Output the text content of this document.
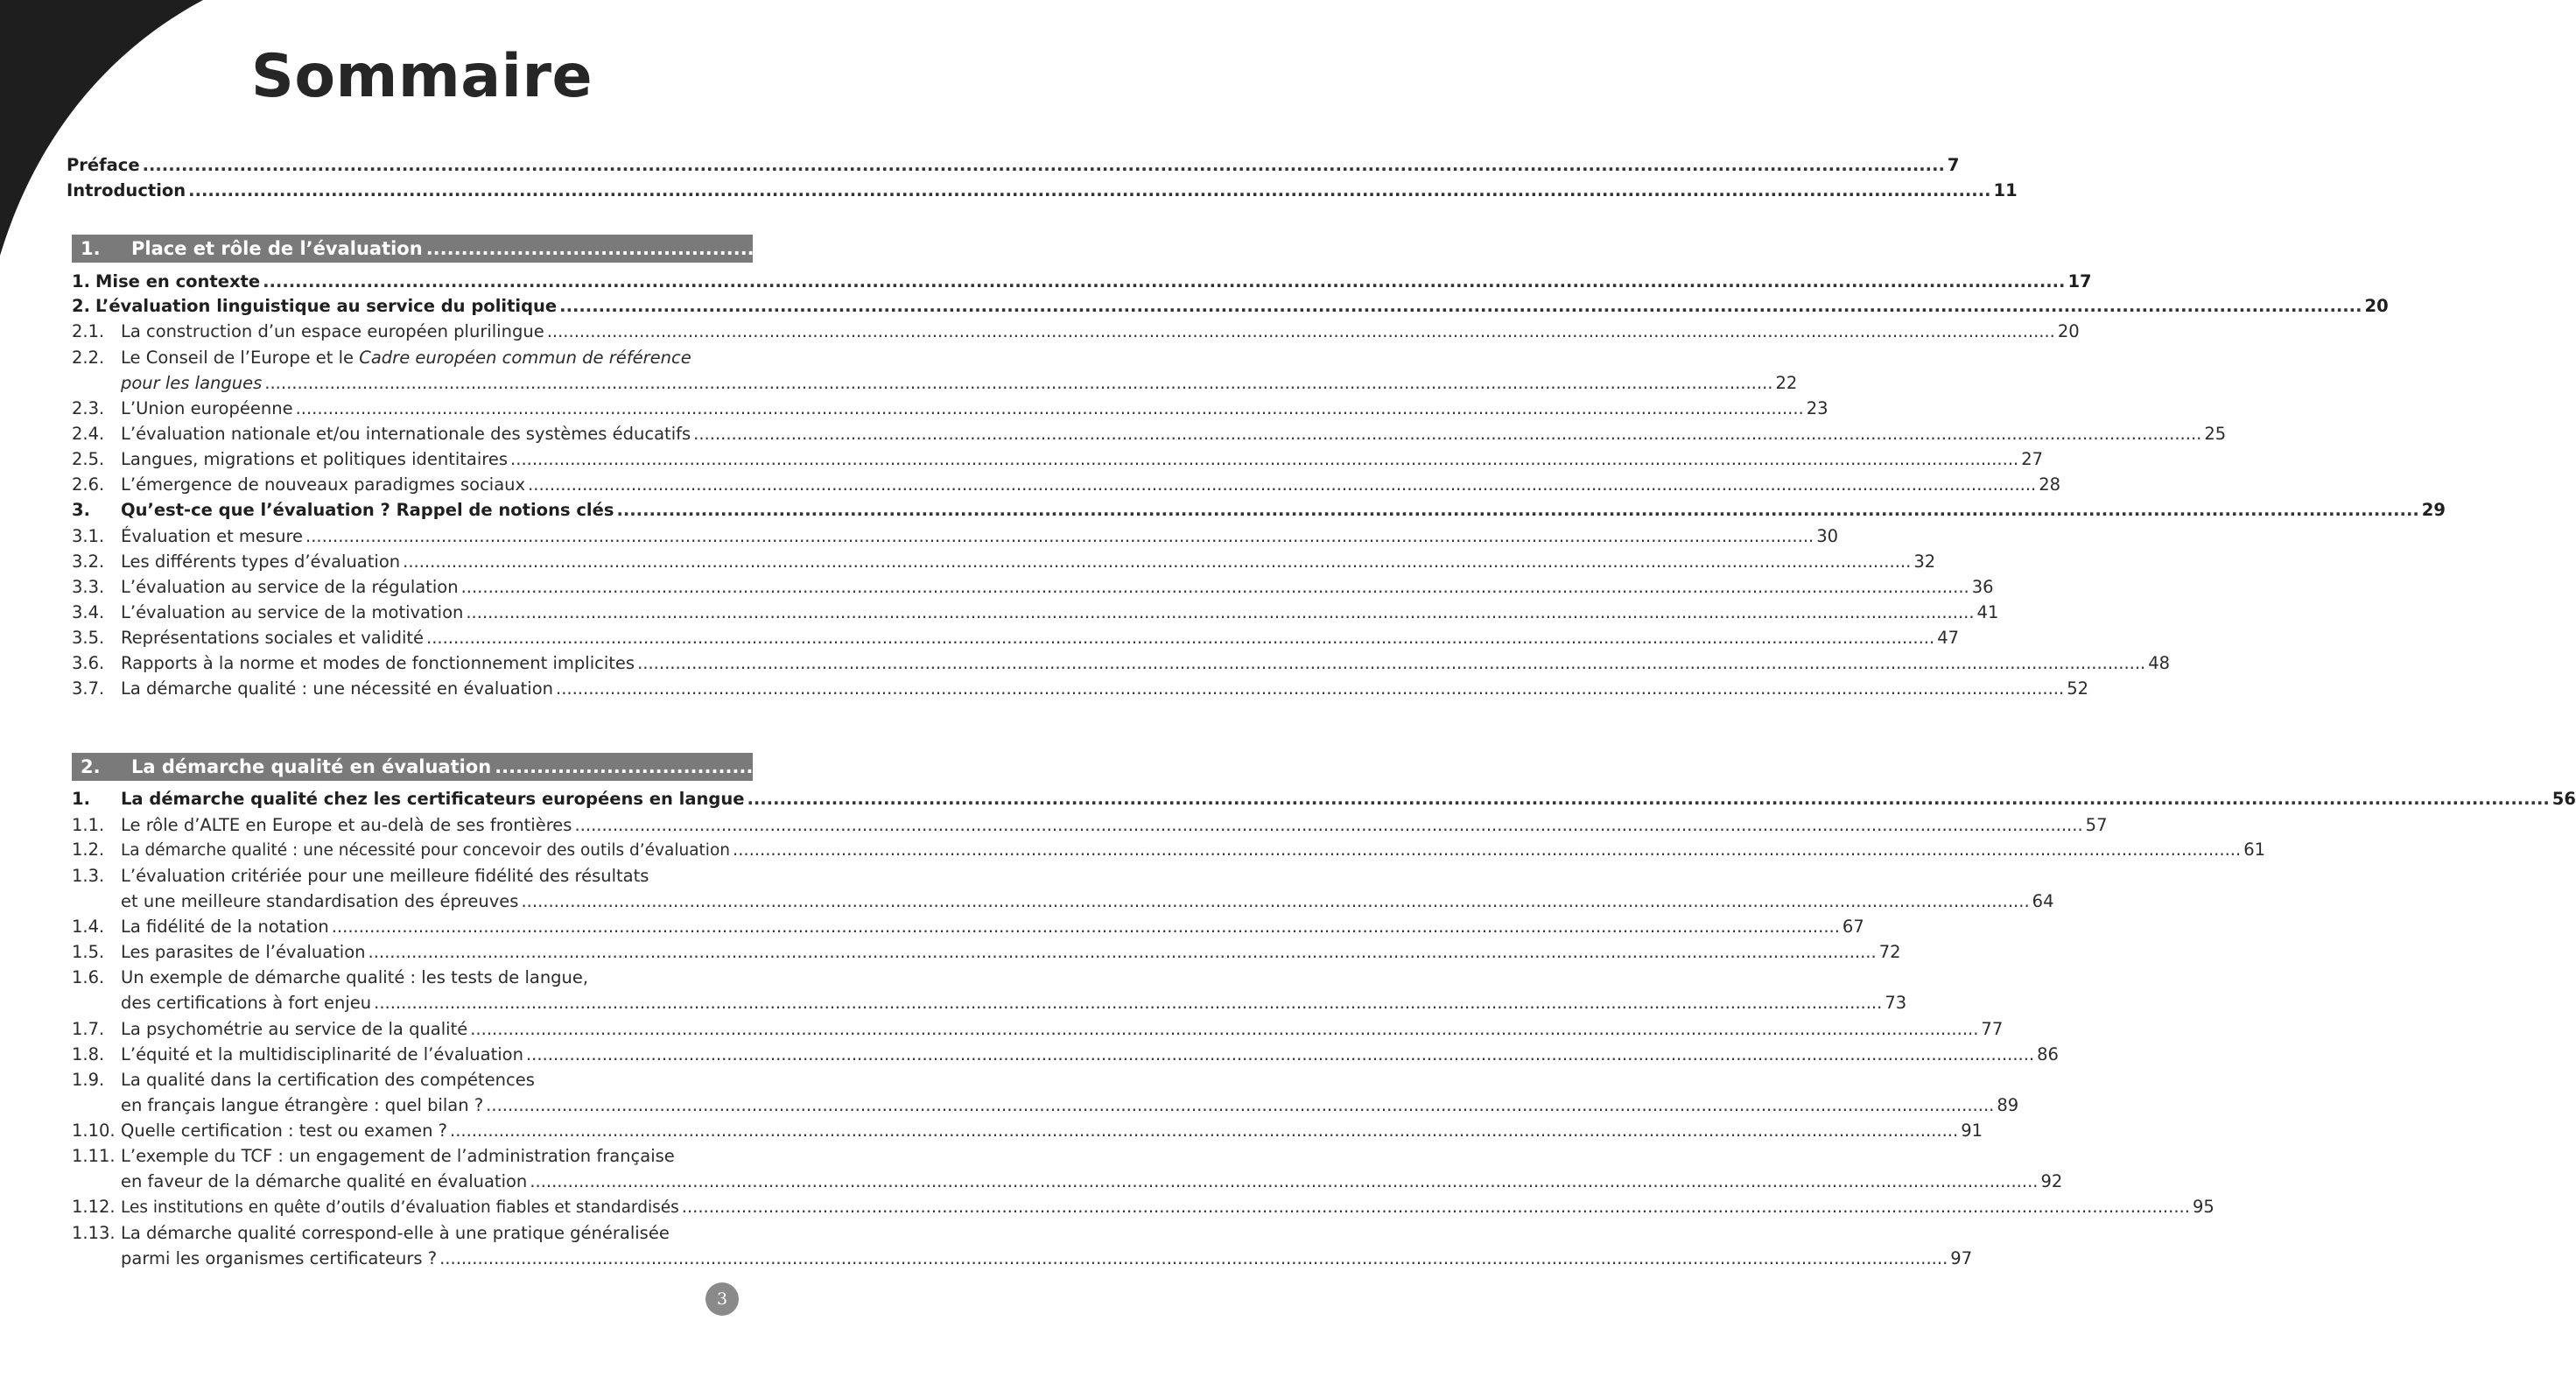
Sommaire
Préface .....	7
Introduction .....	11
1.	Place et rôle de l’évaluation .....	17
1. Mise en contexte .....	17
2. L’évaluation linguistique au service du politique .....	20
2.1. La construction d’un espace européen plurilingue .....	20
2.2. Le Conseil de l’Europe et le Cadre européen commun de référence
pour les langues .....	22
2.3. L’Union européenne .....	23
2.4. L’évaluation nationale et/ou internationale des systèmes éducatifs .....	25
2.5. Langues, migrations et politiques identitaires .....	27
2.6. L’émergence de nouveaux paradigmes sociaux .....	28
3.	Qu’est-ce que l’évaluation ? Rappel de notions clés .....	29
3.1. Évaluation et mesure .....	30
3.2. Les différents types d’évaluation .....	32
3.3. L’évaluation au service de la régulation .....	36
3.4. L’évaluation au service de la motivation .....	41
3.5. Représentations sociales et validité .....	47
3.6. Rapports à la norme et modes de fonctionnement implicites .....	48
3.7. La démarche qualité : une nécessité en évaluation .....	52
2.	La démarche qualité en évaluation .....	55
1.	La démarche qualité chez les certificateurs européens en langue .....	56
1.1. Le rôle d’ALTE en Europe et au-delà de ses frontières .....	57
1.2.	La démarche qualité : une nécessité pour concevoir des outils d’évaluation .....	61
1.3. L’évaluation critériée pour une meilleure fidélité des résultats
et une meilleure standardisation des épreuves .....	64
1.4. La fidélité de la notation .....	67
1.5. Les parasites de l’évaluation .....	72
1.6. Un exemple de démarche qualité : les tests de langue,
des certifications à fort enjeu .....	73
1.7. La psychométrie au service de la qualité .....	77
1.8. L’équité et la multidisciplinarité de l’évaluation .....	86
1.9. La qualité dans la certification des compétences
en français langue étrangère : quel bilan ? .....	89
1.10. Quelle certification : test ou examen ? .....	91
1.11. L’exemple du TCF : un engagement de l’administration française
en faveur de la démarche qualité en évaluation .....	92
1.12. Les institutions en quête d’outils d’évaluation fiables et standardisés .....	95
1.13. La démarche qualité correspond-elle à une pratique généralisée
parmi les organismes certificateurs ? .....	97
3
